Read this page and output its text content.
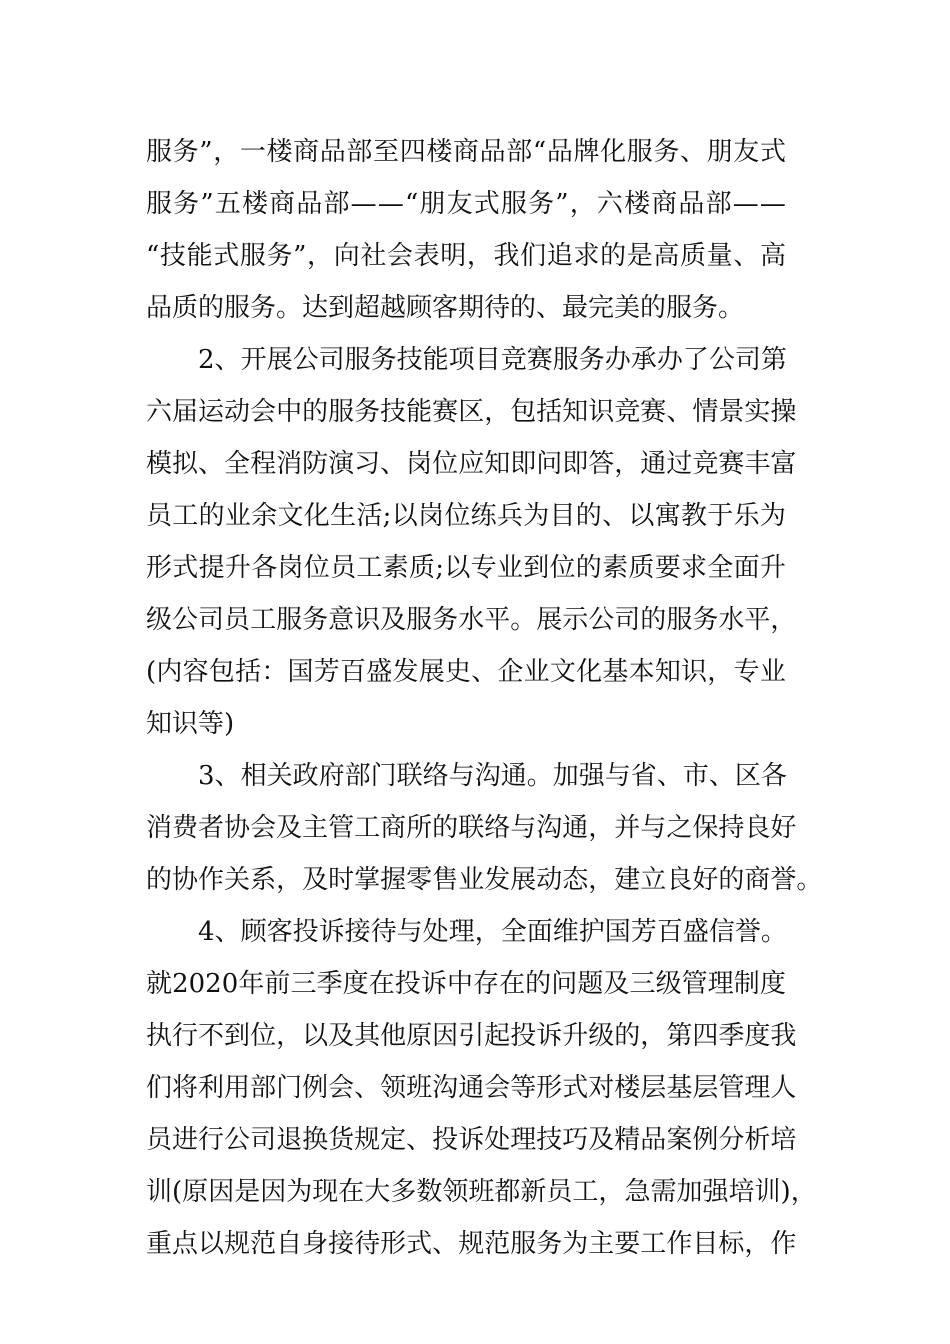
服 务 ” ， 一 楼 商 品 部 至 四 楼 商 品 部 “ 品 牌 化 服 务 、 朋 友 式
服 务 ” 五 楼 商 品 部 — — “ 朋 友 式 服 务 ” ， 六 楼 商 品 部 — —
“ 技 能 式 服 务 ” ， 向 社 会 表 明 ， 我 们 追 求 的 是 高 质 量 、 高
品质的服务。达到超越顾客期待的、最完美的服务。
2 、 开 展 公 司 服 务 技 能 项 目 竞 赛 服 务 办 承 办 了 公 司 第
六 届 运 动 会 中 的 服 务 技 能 赛 区 ， 包 括 知 识 竞 赛 、 情 景 实 操
模 拟 、 全 程 消 防 演 习 、 岗 位 应 知 即 问 即 答 ， 通 过 竞 赛 丰 富
员 工 的 业 余 文 化 生 活 ; 以 岗 位 练 兵 为 目 的 、 以 寓 教 于 乐 为
形 式 提 升 各 岗 位 员 工 素 质 ; 以 专 业 到 位 的 素 质 要 求 全 面 升
级 公 司 员 工 服 务 意 识 及 服 务 水 平 。 展 示 公 司 的 服 务 水 平 ，
( 内 容 包 括 ： 国 芳 百 盛 发 展 史 、 企 业 文 化 基 本 知 识 ， 专 业
知识等)
3 、 相 关 政 府 部 门 联 络 与 沟 通 。 加 强 与 省 、 市 、 区 各
消 费 者 协 会 及 主 管 工 商 所 的 联 络 与 沟 通 ， 并 与 之 保 持 良 好
的 协 作 关 系 ， 及 时 掌 握 零 售 业 发 展 动 态 ， 建 立 良 好 的 商 誉 。
4 、 顾 客 投 诉 接 待 与 处 理 ， 全 面 维 护 国 芳 百 盛 信 誉 。
就 2020 年 前 三 季 度 在 投 诉 中 存 在 的 问 题 及 三 级 管 理 制 度
执 行 不 到 位 ， 以 及 其 他 原 因 引 起 投 诉 升 级 的 ， 第 四 季 度 我
们 将 利 用 部 门 例 会 、 领 班 沟 通 会 等 形 式 对 楼 层 基 层 管 理 人
员 进 行 公 司 退 换 货 规 定 、 投 诉 处 理 技 巧 及 精 品 案 例 分 析 培
训 ( 原 因 是 因 为 现 在 大 多 数 领 班 都 新 员 工 ， 急 需 加 强 培 训 ) ，
重 点 以 规 范 自 身 接 待 形 式 、 规 范 服 务 为 主 要 工 作 目 标 ， 作
